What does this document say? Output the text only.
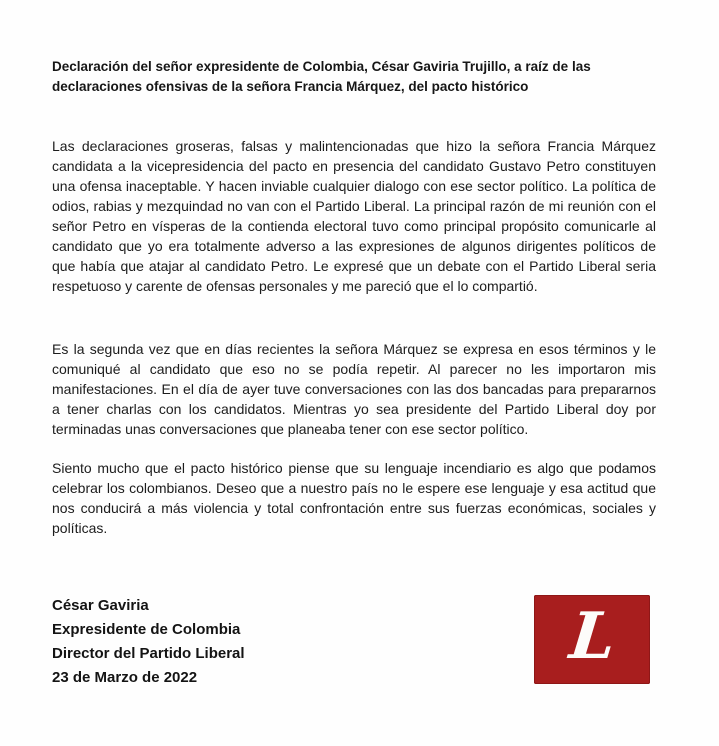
Declaración del señor expresidente de Colombia, César Gaviria Trujillo, a raíz de las declaraciones ofensivas de la señora Francia Márquez, del pacto histórico

Las declaraciones groseras, falsas y malintencionadas que hizo la señora Francia Márquez candidata a la vicepresidencia del pacto en presencia del candidato Gustavo Petro constituyen una ofensa inaceptable. Y hacen inviable cualquier dialogo con ese sector político. La política de odios, rabias y mezquindad no van con el Partido Liberal. La principal razón de mi reunión con el señor Petro en vísperas de la contienda electoral tuvo como principal propósito comunicarle al candidato que yo era totalmente adverso a las expresiones de algunos dirigentes políticos de que había que atajar al candidato Petro. Le expresé que un debate con el Partido Liberal seria respetuoso y carente de ofensas personales y me pareció que el lo compartió.

Es la segunda vez que en días recientes la señora Márquez se expresa en esos términos y le comuniqué al candidato que eso no se podía repetir. Al parecer no les importaron mis manifestaciones. En el día de ayer tuve conversaciones con las dos bancadas para prepararnos a tener charlas con los candidatos. Mientras yo sea presidente del Partido Liberal doy por terminadas unas conversaciones que planeaba tener con ese sector político.

Siento mucho que el pacto histórico piense que su lenguaje incendiario es algo que podamos celebrar los colombianos. Deseo que a nuestro país no le espere ese lenguaje y esa actitud que nos conducirá a más violencia y total confrontación entre sus fuerzas económicas, sociales y políticas.

César Gaviria
Expresidente de Colombia
Director del Partido Liberal
23 de Marzo de 2022
L
